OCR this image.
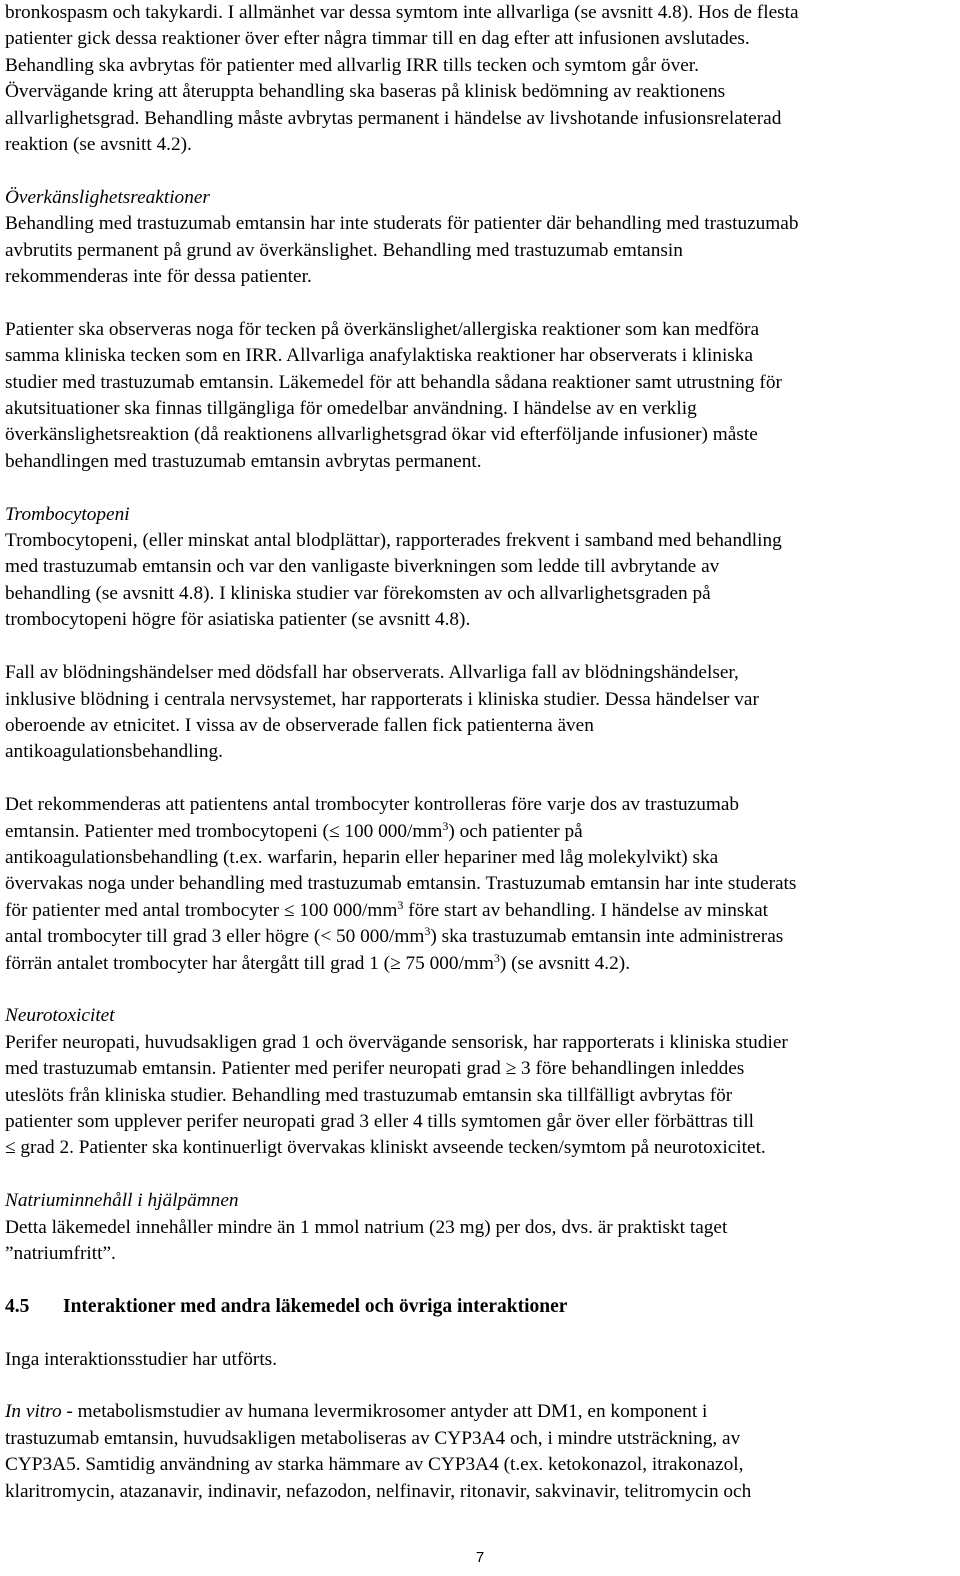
bronkospasm och takykardi. I allmänhet var dessa symtom inte allvarliga (se avsnitt 4.8). Hos de flesta
patienter gick dessa reaktioner över efter några timmar till en dag efter att infusionen avslutades.
Behandling ska avbrytas för patienter med allvarlig IRR tills tecken och symtom går över.
Övervägande kring att återuppta behandling ska baseras på klinisk bedömning av reaktionens
allvarlighetsgrad. Behandling måste avbrytas permanent i händelse av livshotande infusionsrelaterad
reaktion (se avsnitt 4.2).

Överkänslighetsreaktioner
Behandling med trastuzumab emtansin har inte studerats för patienter där behandling med trastuzumab
avbrutits permanent på grund av överkänslighet. Behandling med trastuzumab emtansin
rekommenderas inte för dessa patienter.

Patienter ska observeras noga för tecken på överkänslighet/allergiska reaktioner som kan medföra
samma kliniska tecken som en IRR. Allvarliga anafylaktiska reaktioner har observerats i kliniska
studier med trastuzumab emtansin. Läkemedel för att behandla sådana reaktioner samt utrustning för
akutsituationer ska finnas tillgängliga för omedelbar användning. I händelse av en verklig
överkänslighetsreaktion (då reaktionens allvarlighetsgrad ökar vid efterföljande infusioner) måste
behandlingen med trastuzumab emtansin avbrytas permanent.

Trombocytopeni
Trombocytopeni, (eller minskat antal blodplättar), rapporterades frekvent i samband med behandling
med trastuzumab emtansin och var den vanligaste biverkningen som ledde till avbrytande av
behandling (se avsnitt 4.8). I kliniska studier var förekomsten av och allvarlighetsgraden på
trombocytopeni högre för asiatiska patienter (se avsnitt 4.8).

Fall av blödningshändelser med dödsfall har observerats. Allvarliga fall av blödningshändelser,
inklusive blödning i centrala nervsystemet, har rapporterats i kliniska studier. Dessa händelser var
oberoende av etnicitet. I vissa av de observerade fallen fick patienterna även
antikoagulationsbehandling.

Det rekommenderas att patientens antal trombocyter kontrolleras före varje dos av trastuzumab
emtansin. Patienter med trombocytopeni (≤ 100 $000/mm^3$) och patienter på
antikoagulationsbehandling (t.ex. warfarin, heparin eller hepariner med låg molekylvikt) ska
övervakas noga under behandling med trastuzumab emtansin. Trastuzumab emtansin har inte studerats
för patienter med antal trombocyter ≤ 100 $000/mm^3$ före start av behandling. I händelse av minskat
antal trombocyter till grad 3 eller högre (< 50 $000/mm^3$) ska trastuzumab emtansin inte administreras
förrän antalet trombocyter har återgått till grad 1 (≥ 75 $000/mm^3$) (se avsnitt 4.2).

Neurotoxicitet
Perifer neuropati, huvudsakligen grad 1 och övervägande sensorisk, har rapporterats i kliniska studier
med trastuzumab emtansin. Patienter med perifer neuropati grad ≥ 3 före behandlingen inleddes
uteslöts från kliniska studier. Behandling med trastuzumab emtansin ska tillfälligt avbrytas för
patienter som upplever perifer neuropati grad 3 eller 4 tills symtomen går över eller förbättras till
≤ grad 2. Patienter ska kontinuerligt övervakas kliniskt avseende tecken/symtom på neurotoxicitet.

Natriuminnehåll i hjälpämnen
Detta läkemedel innehåller mindre än 1 mmol natrium (23 mg) per dos, dvs. är praktiskt taget
”natriumfritt”.

4.5 Interaktioner med andra läkemedel och övriga interaktioner

Inga interaktionsstudier har utförts.

In vitro - metabolismstudier av humana levermikrosomer antyder att DM1, en komponent i
trastuzumab emtansin, huvudsakligen metaboliseras av CYP3A4 och, i mindre utsträckning, av
CYP3A5. Samtidig användning av starka hämmare av CYP3A4 (t.ex. ketokonazol, itrakonazol,
klaritromycin, atazanavir, indinavir, nefazodon, nelfinavir, ritonavir, sakvinavir, telitromycin och

7
